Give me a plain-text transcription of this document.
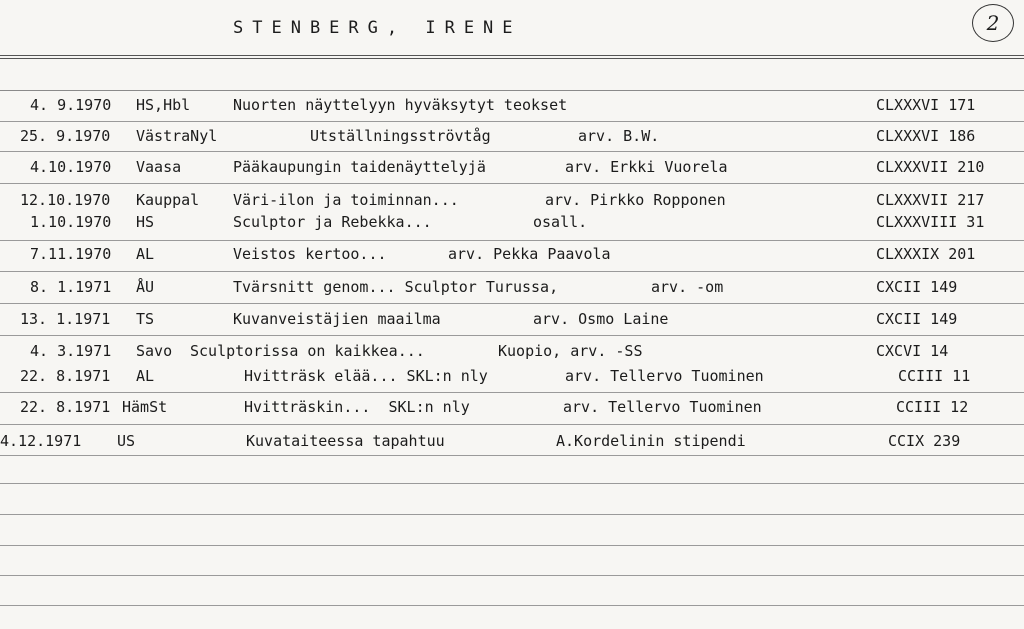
STENBERG, IRENE	2
4. 9.1970 HS,Hbl	Nuorten näyttelyyn hyväksytyt teokset	CLXXXVI 171
25. 9.1970 VästraNyl	Utställningsströvtåg	arv. B.W.	CLXXXVI 186
4.10.1970 Vaasa	Pääkaupungin taidenäyttelyjä	arv. Erkki Vuorela	CLXXXVII 210
12.10.1970 Kauppal Väri-ilon ja toiminnan...	arv. Pirkko Ropponen	CLXXXVII 217
1.10.1970 HS	Sculptor ja Rebekka...	osall.	CLXXXVIII 31
7.11.1970 AL	Veistos kertoo...	arv. Pekka Paavola	CLXXXIX 201
8. 1.1971 ÅU	Tvärsnitt genom... Sculptor Turussa,	arv. -om	CXCII 149
13. 1.1971 TS	Kuvanveistäjien maailma	arv. Osmo Laine	CXCII 149
4. 3.1971 Savo Sculptorissa on kaikkea...	Kuopio, arv. -SS	CXCVI 14
22. 8.1971 AL	Hvitträsk elää... SKL:n nly	arv. Tellervo Tuominen	CCIII 11
22. 8.1971 HämSt	Hvitträskin...  SKL:n nly	arv. Tellervo Tuominen	CCIII 12
4.12.1971 US	Kuvataiteessa tapahtuu	A.Kordelinin stipendi	CCIX 239
